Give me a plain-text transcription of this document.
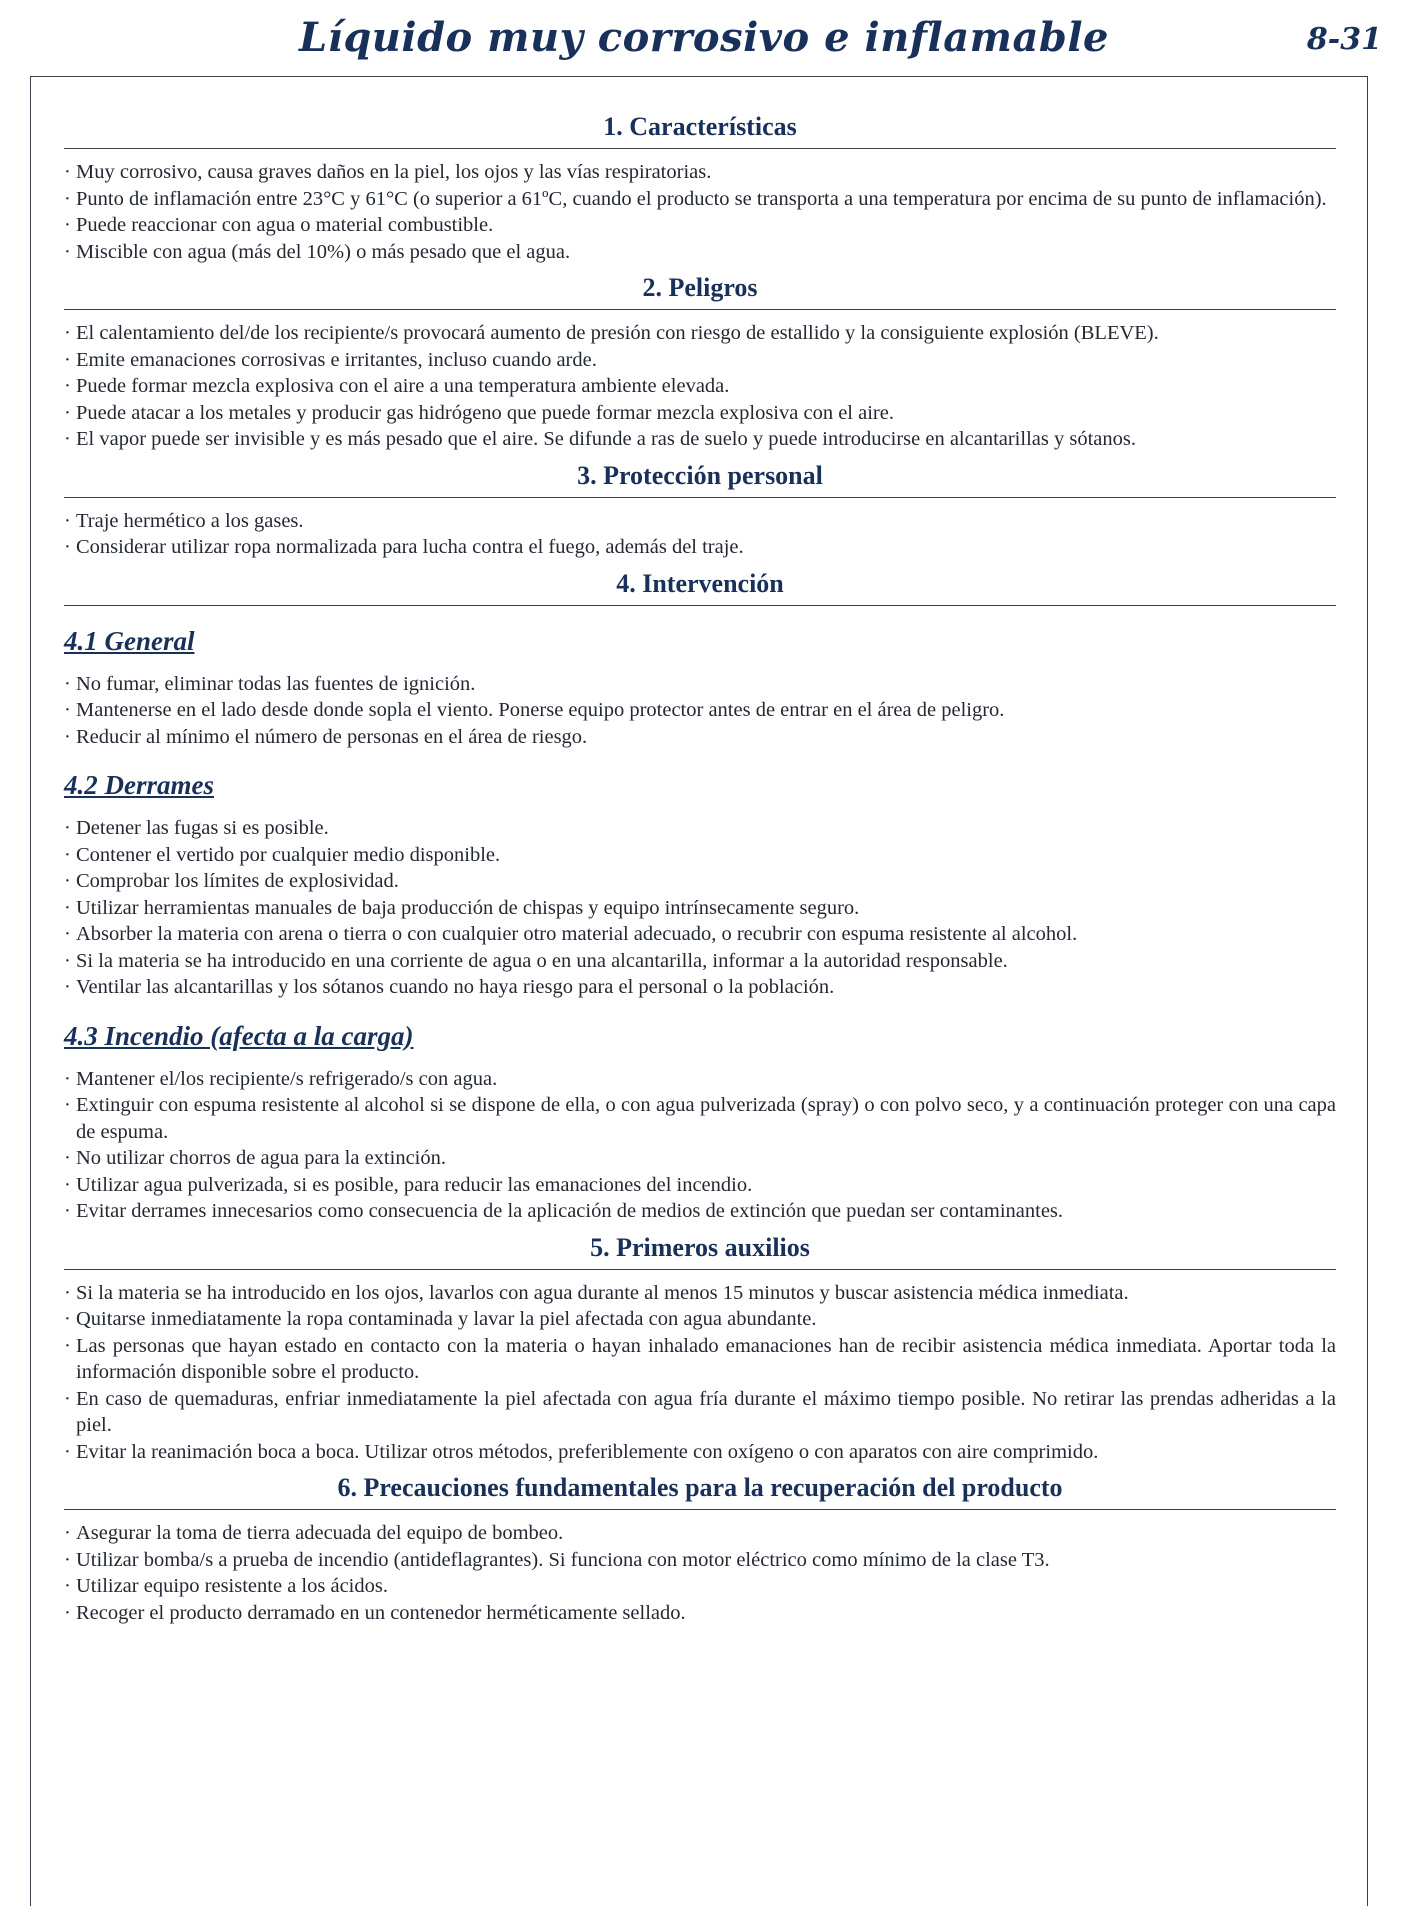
Líquido muy corrosivo e inflamable	8-31
1. Características
· Muy corrosivo, causa graves daños en la piel, los ojos y las vías respiratorias.
· Punto de inflamación entre 23°C y 61°C (o superior a 61ºC, cuando el producto se transporta a una temperatura por encima de su punto de inflamación).
· Puede reaccionar con agua o material combustible.
· Miscible con agua (más del 10%) o más pesado que el agua.
2. Peligros
· El calentamiento del/de los recipiente/s provocará aumento de presión con riesgo de estallido y la consiguiente explosión (BLEVE).
· Emite emanaciones corrosivas e irritantes, incluso cuando arde.
· Puede formar mezcla explosiva con el aire a una temperatura ambiente elevada.
· Puede atacar a los metales y producir gas hidrógeno que puede formar mezcla explosiva con el aire.
· El vapor puede ser invisible y es más pesado que el aire. Se difunde a ras de suelo y puede introducirse en alcantarillas y sótanos.
3. Protección personal
· Traje hermético a los gases.
· Considerar utilizar ropa normalizada para lucha contra el fuego, además del traje.
4. Intervención
4.1 General
· No fumar, eliminar todas las fuentes de ignición.
· Mantenerse en el lado desde donde sopla el viento. Ponerse equipo protector antes de entrar en el área de peligro.
· Reducir al mínimo el número de personas en el área de riesgo.
4.2 Derrames
· Detener las fugas si es posible.
· Contener el vertido por cualquier medio disponible.
· Comprobar los límites de explosividad.
· Utilizar herramientas manuales de baja producción de chispas y equipo intrínsecamente seguro.
· Absorber la materia con arena o tierra o con cualquier otro material adecuado, o recubrir con espuma resistente al alcohol.
· Si la materia se ha introducido en una corriente de agua o en una alcantarilla, informar a la autoridad responsable.
· Ventilar las alcantarillas y los sótanos cuando no haya riesgo para el personal o la población.
4.3 Incendio (afecta a la carga)
· Mantener el/los recipiente/s refrigerado/s con agua.
· Extinguir con espuma resistente al alcohol si se dispone de ella, o con agua pulverizada (spray) o con polvo seco, y a continuación proteger con una capa de espuma.
· No utilizar chorros de agua para la extinción.
· Utilizar agua pulverizada, si es posible, para reducir las emanaciones del incendio.
· Evitar derrames innecesarios como consecuencia de la aplicación de medios de extinción que puedan ser contaminantes.
5. Primeros auxilios
· Si la materia se ha introducido en los ojos, lavarlos con agua durante al menos 15 minutos y buscar asistencia médica inmediata.
· Quitarse inmediatamente la ropa contaminada y lavar la piel afectada con agua abundante.
· Las personas que hayan estado en contacto con la materia o hayan inhalado emanaciones han de recibir asistencia médica inmediata. Aportar toda la información disponible sobre el producto.
· En caso de quemaduras, enfriar inmediatamente la piel afectada con agua fría durante el máximo tiempo posible. No retirar las prendas adheridas a la piel.
· Evitar la reanimación boca a boca. Utilizar otros métodos, preferiblemente con oxígeno o con aparatos con aire comprimido.
6. Precauciones fundamentales para la recuperación del producto
· Asegurar la toma de tierra adecuada del equipo de bombeo.
· Utilizar bomba/s a prueba de incendio (antideflagrantes). Si funciona con motor eléctrico como mínimo de la clase T3.
· Utilizar equipo resistente a los ácidos.
· Recoger el producto derramado en un contenedor herméticamente sellado.
